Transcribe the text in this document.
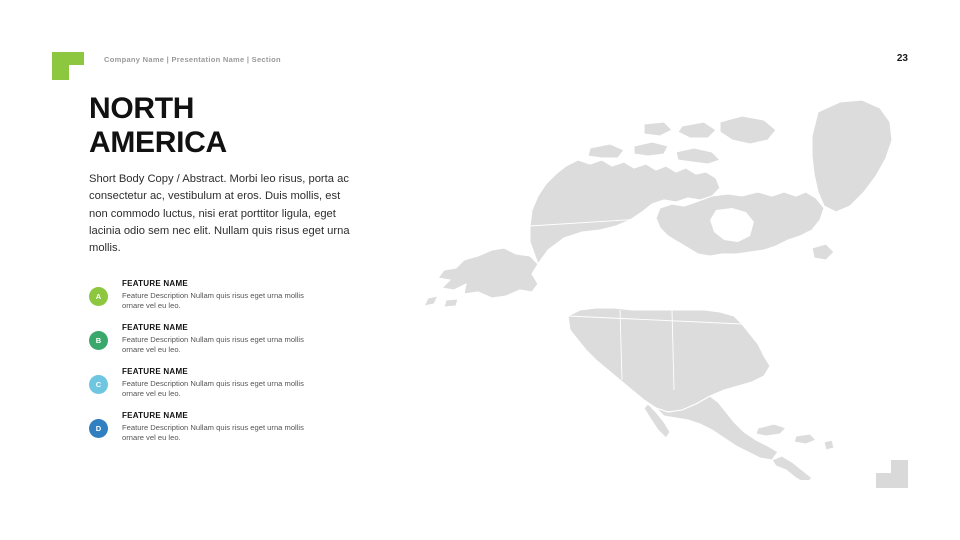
Company Name | Presentation Name | Section	23
NORTH
AMERICA
Short Body Copy / Abstract. Morbi leo risus, porta ac consectetur ac, vestibulum at eros. Duis mollis, est non commodo luctus, nisi erat porttitor ligula, eget lacinia odio sem nec elit. Nullam quis risus eget urna mollis.
A
FEATURE NAME
Feature Description Nullam quis risus eget urna mollis ornare vel eu leo.
B
FEATURE NAME
Feature Description Nullam quis risus eget urna mollis ornare vel eu leo.
C
FEATURE NAME
Feature Description Nullam quis risus eget urna mollis ornare vel eu leo.
D
FEATURE NAME
Feature Description Nullam quis risus eget urna mollis ornare vel eu leo.
